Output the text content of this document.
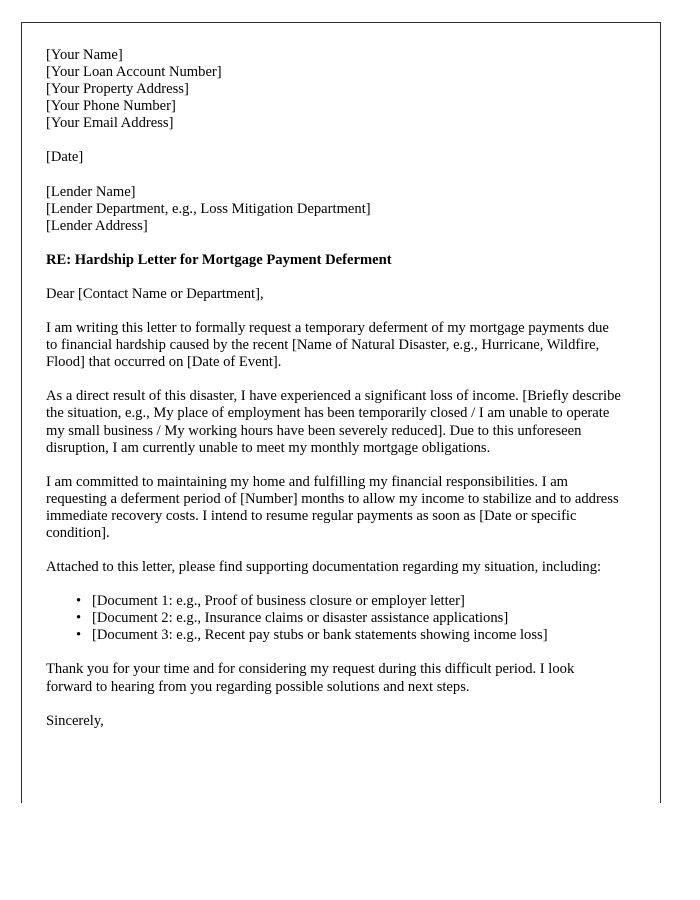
[Your Name]
[Your Loan Account Number]
[Your Property Address]
[Your Phone Number]
[Your Email Address]
[Date]
[Lender Name]
[Lender Department, e.g., Loss Mitigation Department]
[Lender Address]

RE: Hardship Letter for Mortgage Payment Deferment

Dear [Contact Name or Department],

I am writing this letter to formally request a temporary deferment of my mortgage payments due to financial hardship caused by the recent [Name of Natural Disaster, e.g., Hurricane, Wildfire, Flood] that occurred on [Date of Event].

As a direct result of this disaster, I have experienced a significant loss of income. [Briefly describe the situation, e.g., My place of employment has been temporarily closed / I am unable to operate my small business / My working hours have been severely reduced]. Due to this unforeseen disruption, I am currently unable to meet my monthly mortgage obligations.

I am committed to maintaining my home and fulfilling my financial responsibilities. I am requesting a deferment period of [Number] months to allow my income to stabilize and to address immediate recovery costs. I intend to resume regular payments as soon as [Date or specific condition].

Attached to this letter, please find supporting documentation regarding my situation, including:

• [Document 1: e.g., Proof of business closure or employer letter]
• [Document 2: e.g., Insurance claims or disaster assistance applications]
• [Document 3: e.g., Recent pay stubs or bank statements showing income loss]

Thank you for your time and for considering my request during this difficult period. I look forward to hearing from you regarding possible solutions and next steps.

Sincerely,
